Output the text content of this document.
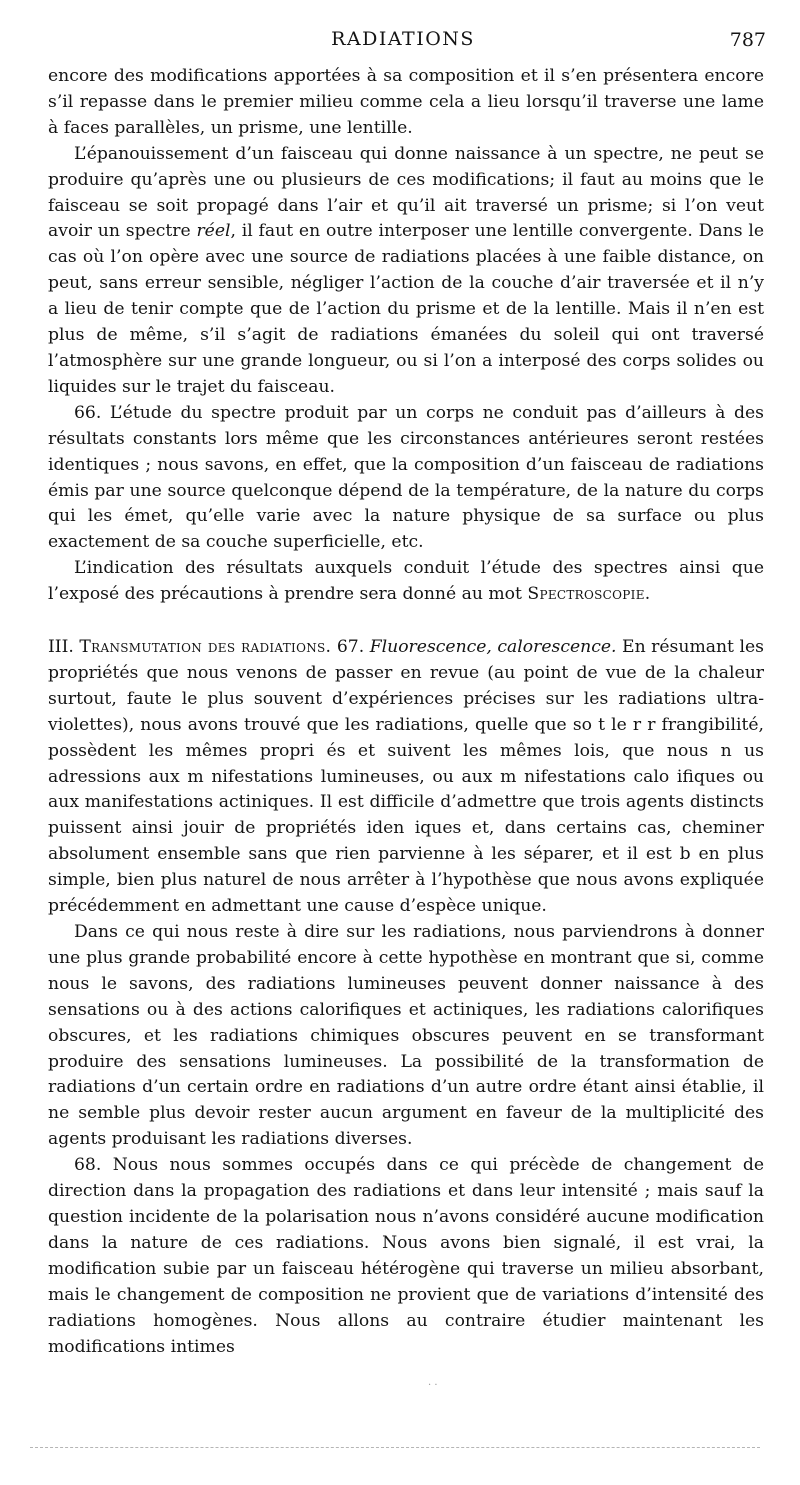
RADIATIONS	787

encore des modifications apportées à sa composition et il s’en présentera encore s’il repasse dans le premier milieu comme cela a lieu lorsqu’il traverse une lame à faces parallèles, un prisme, une lentille.

L’épanouissement d’un faisceau qui donne naissance à un spectre, ne peut se produire qu’après une ou plusieurs de ces modifications; il faut au moins que le faisceau se soit propagé dans l’air et qu’il ait traversé un prisme; si l’on veut avoir un spectre réel, il faut en outre interposer une lentille convergente. Dans le cas où l’on opère avec une source de radiations placées à une faible distance, on peut, sans erreur sensible, négliger l’action de la couche d’air traversée et il n’y a lieu de tenir compte que de l’action du prisme et de la lentille. Mais il n’en est plus de même, s’il s’agit de radiations émanées du soleil qui ont traversé l’atmosphère sur une grande longueur, ou si l’on a interposé des corps solides ou liquides sur le trajet du faisceau.

66. L’étude du spectre produit par un corps ne conduit pas d’ailleurs à des résultats constants lors même que les circonstances antérieures seront restées identiques ; nous savons, en effet, que la composition d’un faisceau de radiations émis par une source quelconque dépend de la température, de la nature du corps qui les émet, qu’elle varie avec la nature physique de sa surface ou plus exactement de sa couche superficielle, etc.

L’indication des résultats auxquels conduit l’étude des spectres ainsi que l’exposé des précautions à prendre sera donné au mot Spectroscopie.

III. Transmutation des radiations. 67. Fluorescence, calorescence. En résumant les propriétés que nous venons de passer en revue (au point de vue de la chaleur surtout, faute le plus souvent d’expériences précises sur les radiations ultra-violettes), nous avons trouvé que les radiations, quelle que so t le r r frangibilité, possèdent les mêmes propri és et suivent les mêmes lois, que nous n us adressions aux m nifestations lumineuses, ou aux m nifestations calo ifiques ou aux manifestations actiniques. Il est difficile d’admettre que trois agents distincts puissent ainsi jouir de propriétés iden iques et, dans certains cas, cheminer absolument ensemble sans que rien parvienne à les séparer, et il est b en plus simple, bien plus naturel de nous arrêter à l’hypothèse que nous avons expliquée précédemment en admettant une cause d’espèce unique.

Dans ce qui nous reste à dire sur les radiations, nous parviendrons à donner une plus grande probabilité encore à cette hypothèse en montrant que si, comme nous le savons, des radiations lumineuses peuvent donner naissance à des sensations ou à des actions calorifiques et actiniques, les radiations calorifiques obscures, et les radiations chimiques obscures peuvent en se transformant produire des sensations lumineuses. La possibilité de la transformation de radiations d’un certain ordre en radiations d’un autre ordre étant ainsi établie, il ne semble plus devoir rester aucun argument en faveur de la multiplicité des agents produisant les radiations diverses.

68. Nous nous sommes occupés dans ce qui précède de changement de direction dans la propagation des radiations et dans leur intensité ; mais sauf la question incidente de la polarisation nous n’avons considéré aucune modification dans la nature de ces radiations. Nous avons bien signalé, il est vrai, la modification subie par un faisceau hétérogène qui traverse un milieu absorbant, mais le changement de composition ne provient que de variations d’intensité des radiations homogènes. Nous allons au contraire étudier maintenant les modifications intimes

· ·
